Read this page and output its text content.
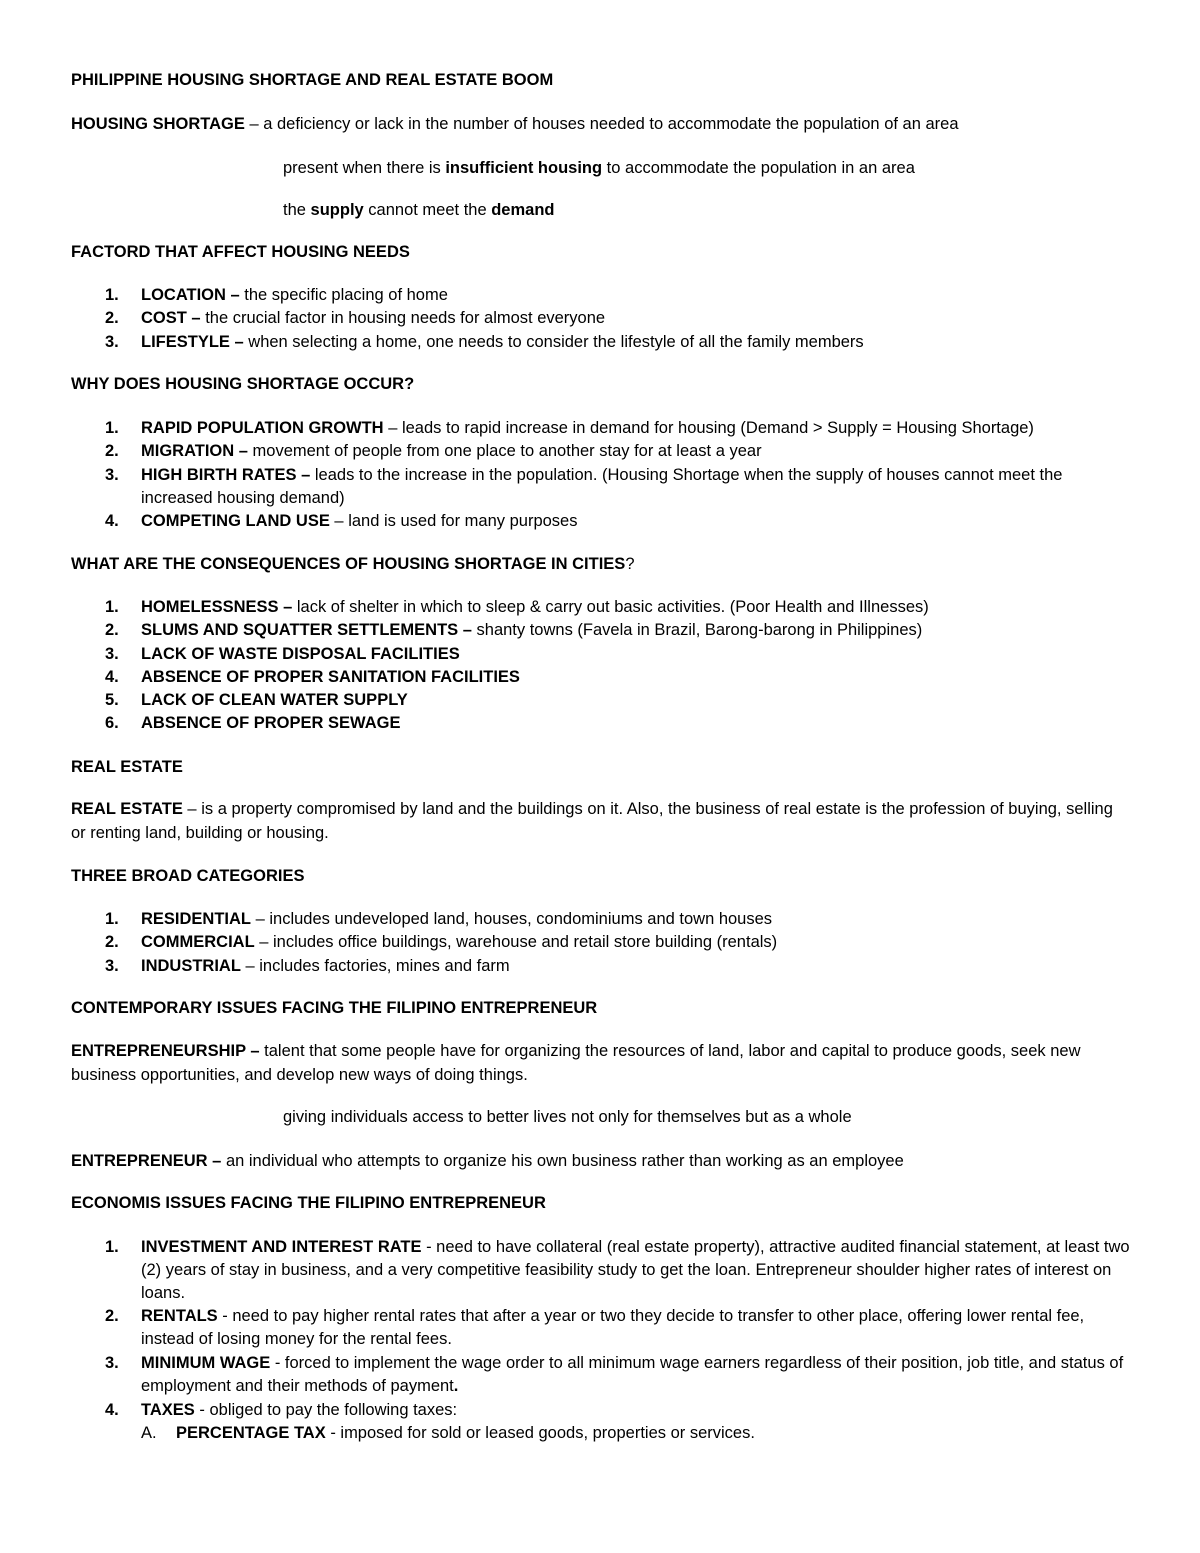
PHILIPPINE HOUSING SHORTAGE AND REAL ESTATE BOOM
HOUSING SHORTAGE – a deficiency or lack in the number of houses needed to accommodate the population of an area
present when there is insufficient housing to accommodate the population in an area
the supply cannot meet the demand
FACTORD THAT AFFECT HOUSING NEEDS
1. LOCATION – the specific placing of home
2. COST – the crucial factor in housing needs for almost everyone
3. LIFESTYLE – when selecting a home, one needs to consider the lifestyle of all the family members
WHY DOES HOUSING SHORTAGE OCCUR?
1. RAPID POPULATION GROWTH – leads to rapid increase in demand for housing (Demand > Supply = Housing Shortage)
2. MIGRATION – movement of people from one place to another stay for at least a year
3. HIGH BIRTH RATES – leads to the increase in the population. (Housing Shortage when the supply of houses cannot meet the increased housing demand)
4. COMPETING LAND USE – land is used for many purposes
WHAT ARE THE CONSEQUENCES OF HOUSING SHORTAGE IN CITIES?
1. HOMELESSNESS – lack of shelter in which to sleep & carry out basic activities. (Poor Health and Illnesses)
2. SLUMS AND SQUATTER SETTLEMENTS – shanty towns (Favela in Brazil, Barong-barong in Philippines)
3. LACK OF WASTE DISPOSAL FACILITIES
4. ABSENCE OF PROPER SANITATION FACILITIES
5. LACK OF CLEAN WATER SUPPLY
6. ABSENCE OF PROPER SEWAGE
REAL ESTATE
REAL ESTATE – is a property compromised by land and the buildings on it. Also, the business of real estate is the profession of buying, selling or renting land, building or housing.
THREE BROAD CATEGORIES
1. RESIDENTIAL – includes undeveloped land, houses, condominiums and town houses
2. COMMERCIAL – includes office buildings, warehouse and retail store building (rentals)
3. INDUSTRIAL – includes factories, mines and farm
CONTEMPORARY ISSUES FACING THE FILIPINO ENTREPRENEUR
ENTREPRENEURSHIP – talent that some people have for organizing the resources of land, labor and capital to produce goods, seek new business opportunities, and develop new ways of doing things.
giving individuals access to better lives not only for themselves but as a whole
ENTREPRENEUR – an individual who attempts to organize his own business rather than working as an employee
ECONOMIS ISSUES FACING THE FILIPINO ENTREPRENEUR
1. INVESTMENT AND INTEREST RATE - need to have collateral (real estate property), attractive audited financial statement, at least two (2) years of stay in business, and a very competitive feasibility study to get the loan. Entrepreneur shoulder higher rates of interest on loans.
2. RENTALS - need to pay higher rental rates that after a year or two they decide to transfer to other place, offering lower rental fee, instead of losing money for the rental fees.
3. MINIMUM WAGE - forced to implement the wage order to all minimum wage earners regardless of their position, job title, and status of employment and their methods of payment.
4. TAXES - obliged to pay the following taxes:
A. PERCENTAGE TAX - imposed for sold or leased goods, properties or services.
